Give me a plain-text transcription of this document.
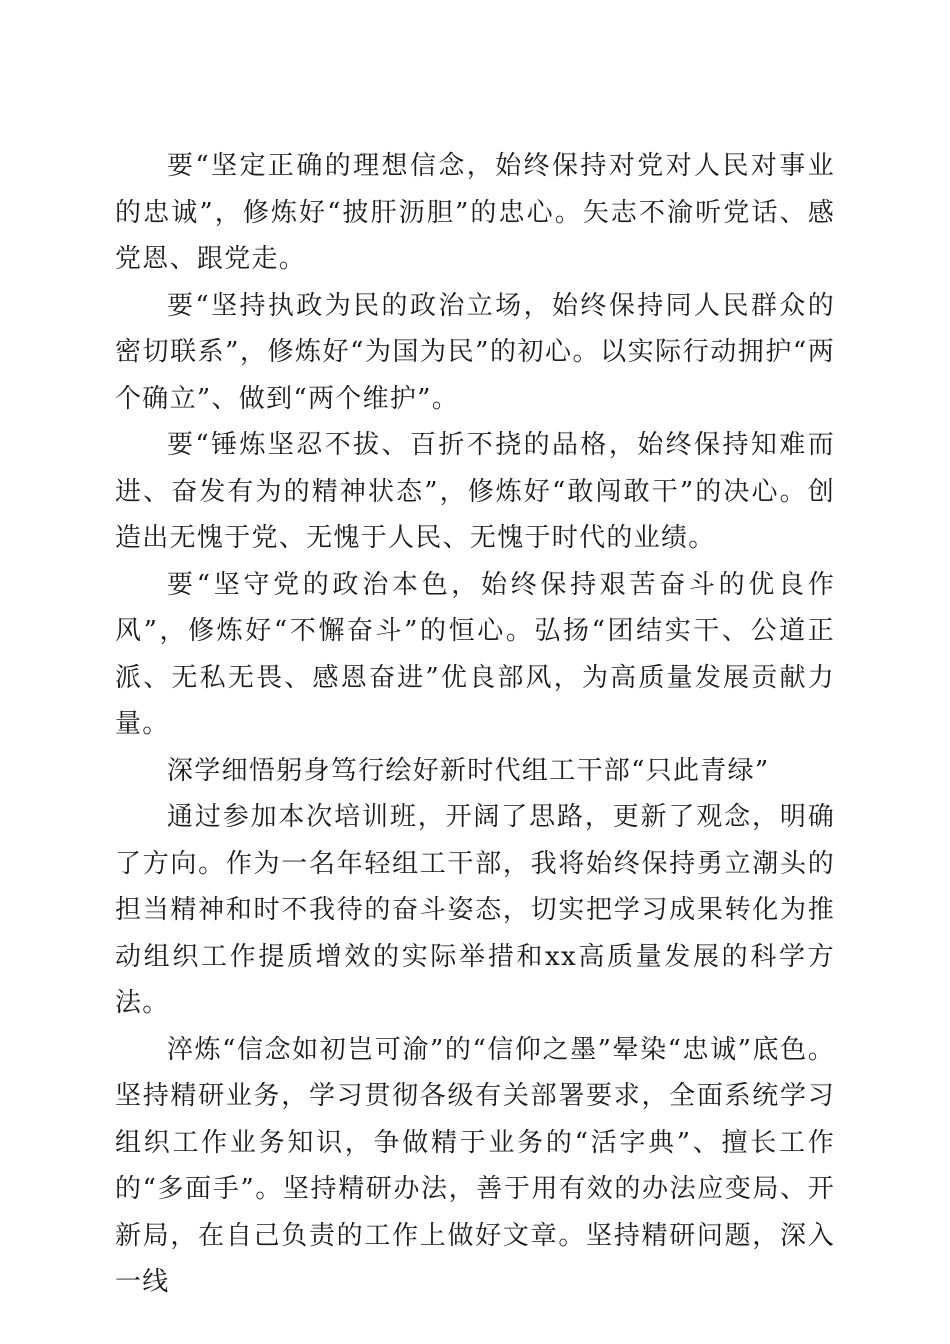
要“坚定正确的理想信念，始终保持对党对人民对事业的忠诚”，修炼好“披肝沥胆”的忠心。矢志不渝听党话、感党恩、跟党走。

要“坚持执政为民的政治立场，始终保持同人民群众的密切联系”，修炼好“为国为民”的初心。以实际行动拥护“两个确立”、做到“两个维护”。

要“锤炼坚忍不拔、百折不挠的品格，始终保持知难而进、奋发有为的精神状态”，修炼好“敢闯敢干”的决心。创造出无愧于党、无愧于人民、无愧于时代的业绩。

要“坚守党的政治本色，始终保持艰苦奋斗的优良作风”，修炼好“不懈奋斗”的恒心。弘扬“团结实干、公道正派、无私无畏、感恩奋进”优良部风，为高质量发展贡献力量。

深学细悟躬身笃行绘好新时代组工干部“只此青绿”

通过参加本次培训班，开阔了思路，更新了观念，明确了方向。作为一名年轻组工干部，我将始终保持勇立潮头的担当精神和时不我待的奋斗姿态，切实把学习成果转化为推动组织工作提质增效的实际举措和xx高质量发展的科学方法。

淬炼“信念如初岂可渝”的“信仰之墨”晕染“忠诚”底色。坚持精研业务，学习贯彻各级有关部署要求，全面系统学习组织工作业务知识，争做精于业务的“活字典”、擅长工作的“多面手”。坚持精研办法，善于用有效的办法应变局、开新局，在自己负责的工作上做好文章。坚持精研问题，深入一线
